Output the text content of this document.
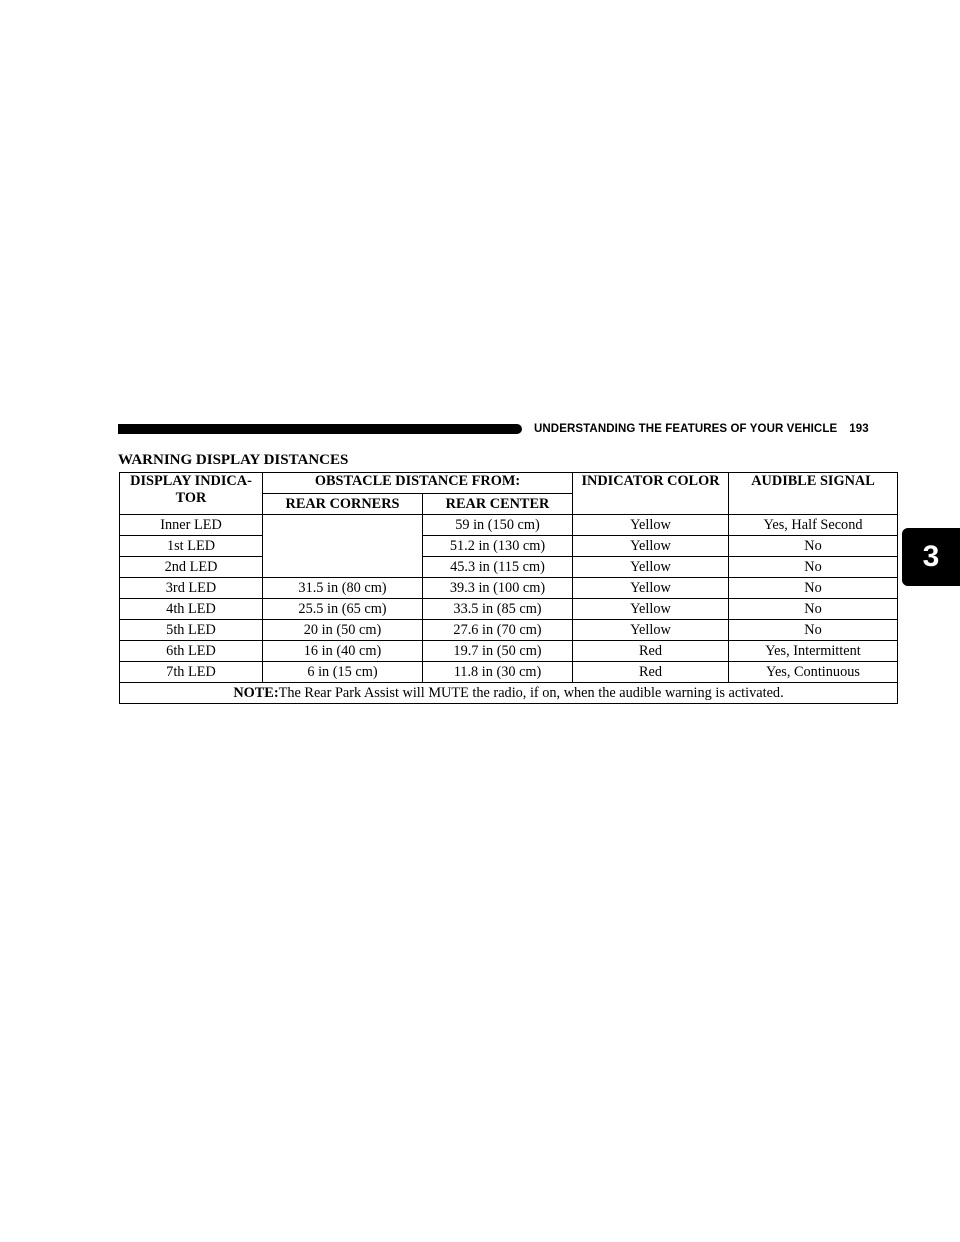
UNDERSTANDING THE FEATURES OF YOUR VEHICLE 193
3
WARNING DISPLAY DISTANCES
DISPLAY INDICA-TOR	OBSTACLE DISTANCE FROM:		INDICATOR COLOR	AUDIBLE SIGNAL
	REAR CORNERS	REAR CENTER		
Inner LED		59 in (150 cm)	Yellow	Yes, Half Second
1st LED		51.2 in (130 cm)	Yellow	No
2nd LED		45.3 in (115 cm)	Yellow	No
3rd LED	31.5 in (80 cm)	39.3 in (100 cm)	Yellow	No
4th LED	25.5 in (65 cm)	33.5 in (85 cm)	Yellow	No
5th LED	20 in (50 cm)	27.6 in (70 cm)	Yellow	No
6th LED	16 in (40 cm)	19.7 in (50 cm)	Red	Yes, Intermittent
7th LED	6 in (15 cm)	11.8 in (30 cm)	Red	Yes, Continuous
NOTE:The Rear Park Assist will MUTE the radio, if on, when the audible warning is activated.				
